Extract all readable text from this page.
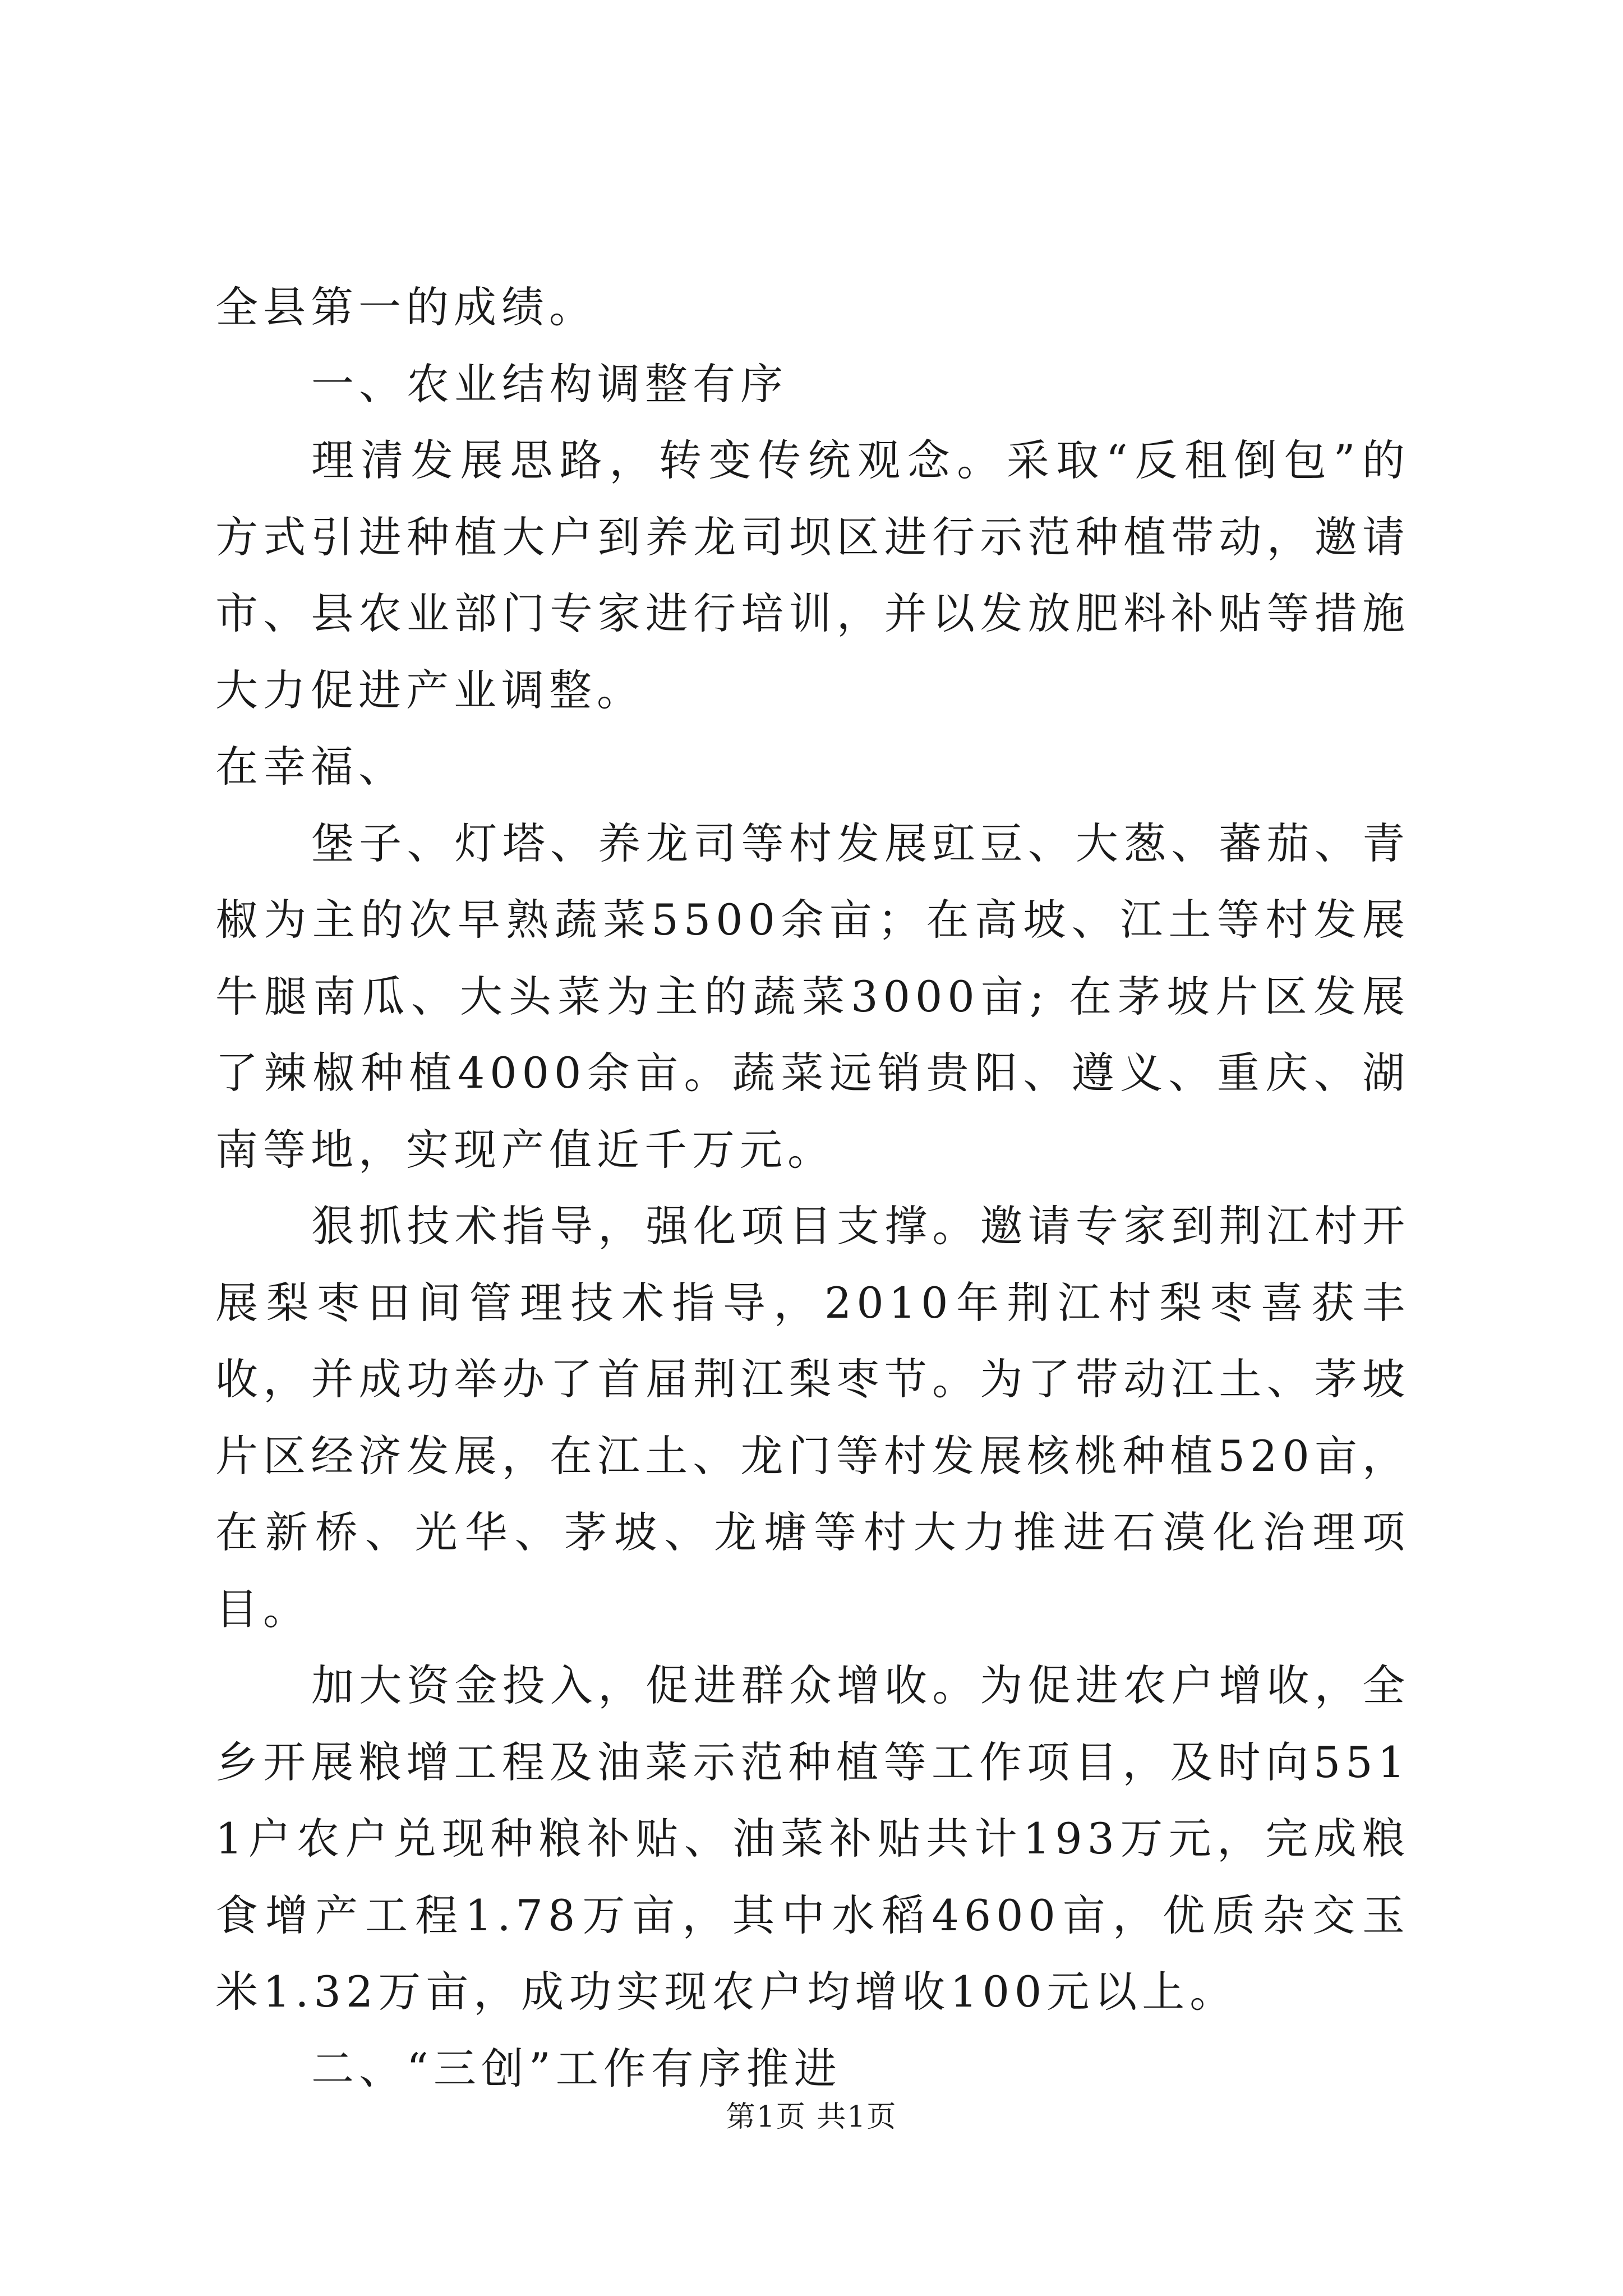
全县第一的成绩。

一、农业结构调整有序

理清发展思路，转变传统观念。采取“反租倒包”的方式引进种植大户到养龙司坝区进行示范种植带动，邀请市、县农业部门专家进行培训，并以发放肥料补贴等措施大力促进产业调整。

在幸福、

堡子、灯塔、养龙司等村发展豇豆、大葱、蕃茄、青椒为主的次早熟蔬菜5500余亩；在高坡、江土等村发展牛腿南瓜、大头菜为主的蔬菜3000亩; 在茅坡片区发展了辣椒种植4000余亩。蔬菜远销贵阳、遵义、重庆、湖南等地，实现产值近千万元。

狠抓技术指导，强化项目支撑。邀请专家到荆江村开展梨枣田间管理技术指导，2010年荆江村梨枣喜获丰收，并成功举办了首届荆江梨枣节。为了带动江土、茅坡片区经济发展，在江土、龙门等村发展核桃种植520亩，在新桥、光华、茅坡、龙塘等村大力推进石漠化治理项目。

加大资金投入，促进群众增收。为促进农户增收，全乡开展粮增工程及油菜示范种植等工作项目，及时向5511户农户兑现种粮补贴、油菜补贴共计193万元，完成粮食增产工程1.78万亩，其中水稻4600亩，优质杂交玉米1.32万亩，成功实现农户均增收100元以上。

二、“三创”工作有序推进

第1页 共1页
